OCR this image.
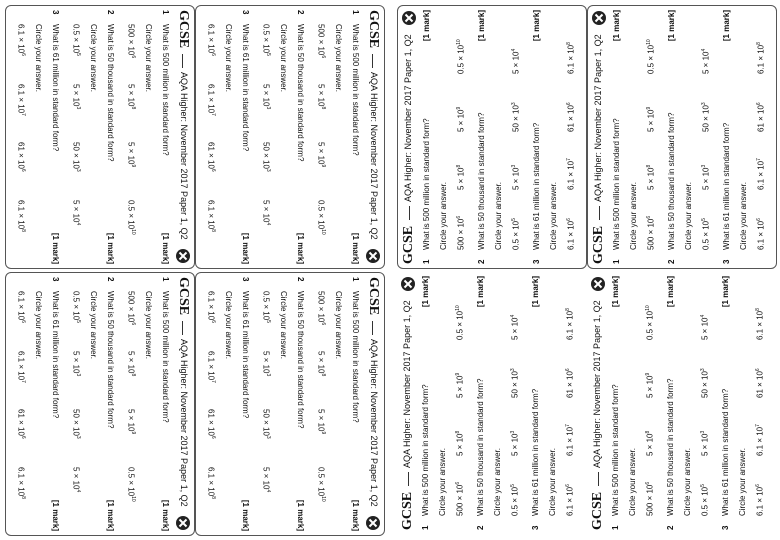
GCSE
AQA Higher: November 2017 Paper 1, Q2
1
What is 500 million in standard form?
[1 mark]
Circle your answer.
$500 \times 10^6$
$5 \times 10^8$
$5 \times 10^9$
$0.5 \times 10^{10}$
2
What is 50 thousand in standard form?
[1 mark]
Circle your answer.
$0.5 \times 10^5$
$5 \times 10^3$
$50 \times 10^3$
$5 \times 10^4$
3
What is 61 million in standard form?
[1 mark]
Circle your answer.
$6.1 \times 10^6$
$6.1 \times 10^7$
$61 \times 10^6$
$6.1 \times 10^8$
GCSE
AQA Higher: November 2017 Paper 1, Q2
1
What is 500 million in standard form?
[1 mark]
Circle your answer.
$500 \times 10^6$
$5 \times 10^8$
$5 \times 10^9$
$0.5 \times 10^{10}$
2
What is 50 thousand in standard form?
[1 mark]
Circle your answer.
$0.5 \times 10^5$
$5 \times 10^3$
$50 \times 10^3$
$5 \times 10^4$
3
What is 61 million in standard form?
[1 mark]
Circle your answer.
$6.1 \times 10^6$
$6.1 \times 10^7$
$61 \times 10^6$
$6.1 \times 10^8$
GCSE
AQA Higher: November 2017 Paper 1, Q2
1
What is 500 million in standard form?
[1 mark]
Circle your answer.
$500 \times 10^6$
$5 \times 10^8$
$5 \times 10^9$
$0.5 \times 10^{10}$
2
What is 50 thousand in standard form?
[1 mark]
Circle your answer.
$0.5 \times 10^5$
$5 \times 10^3$
$50 \times 10^3$
$5 \times 10^4$
3
What is 61 million in standard form?
[1 mark]
Circle your answer.
$6.1 \times 10^6$
$6.1 \times 10^7$
$61 \times 10^6$
$6.1 \times 10^8$
GCSE
AQA Higher: November 2017 Paper 1, Q2
1
What is 500 million in standard form?
[1 mark]
Circle your answer.
$500 \times 10^6$
$5 \times 10^8$
$5 \times 10^9$
$0.5 \times 10^{10}$
2
What is 50 thousand in standard form?
[1 mark]
Circle your answer.
$0.5 \times 10^5$
$5 \times 10^3$
$50 \times 10^3$
$5 \times 10^4$
3
What is 61 million in standard form?
[1 mark]
Circle your answer.
$6.1 \times 10^6$
$6.1 \times 10^7$
$61 \times 10^6$
$6.1 \times 10^8$
GCSE
AQA Higher: November 2017 Paper 1, Q2
1
What is 500 million in standard form?
[1 mark]
Circle your answer. $500 \times 10^6$
$5 \times 10^8$
$5 \times 10^9$
$0.5 \times 10^{10}$
2
What is 50 thousand in standard form?
[1 mark]
Circle your answer. $0.5 \times 10^5$
$5 \times 10^3$
$50 \times 10^3$
$5 \times 10^4$
3
What is 61 million in standard form?
[1 mark]
Circle your answer. $6.1 \times 10^6$
$6.1 \times 10^7$
$61 \times 10^6$
$6.1 \times 10^8$
GCSE
AQA Higher: November 2017 Paper 1, Q2
1
What is 500 million in standard form?
[1 mark]
Circle your answer. $500 \times 10^6$
$5 \times 10^8$
$5 \times 10^9$
$0.5 \times 10^{10}$
2
What is 50 thousand in standard form?
[1 mark]
Circle your answer. $0.5 \times 10^5$
$5 \times 10^3$
$50 \times 10^3$
$5 \times 10^4$
3
What is 61 million in standard form?
[1 mark]
Circle your answer. $6.1 \times 10^6$
$6.1 \times 10^7$
$61 \times 10^6$
$6.1 \times 10^8$
GCSE
AQA Higher: November 2017 Paper 1, Q2
1
What is 500 million in standard form?
[1 mark]
Circle your answer. $500 \times 10^6$
$5 \times 10^8$
$5 \times 10^9$
$0.5 \times 10^{10}$
2
What is 50 thousand in standard form?
[1 mark]
Circle your answer. $0.5 \times 10^5$
$5 \times 10^3$
$50 \times 10^3$
$5 \times 10^4$
3
What is 61 million in standard form?
[1 mark]
Circle your answer. $6.1 \times 10^6$
$6.1 \times 10^7$
$61 \times 10^6$
$6.1 \times 10^8$
GCSE
AQA Higher: November 2017 Paper 1, Q2
1
What is 500 million in standard form?
[1 mark]
Circle your answer. $500 \times 10^6$
$5 \times 10^8$
$5 \times 10^9$
$0.5 \times 10^{10}$
2
What is 50 thousand in standard form?
[1 mark]
Circle your answer. $0.5 \times 10^5$
$5 \times 10^3$
$50 \times 10^3$
$5 \times 10^4$
3
What is 61 million in standard form?
[1 mark]
Circle your answer. $6.1 \times 10^6$
$6.1 \times 10^7$
$61 \times 10^6$
$6.1 \times 10^8$
